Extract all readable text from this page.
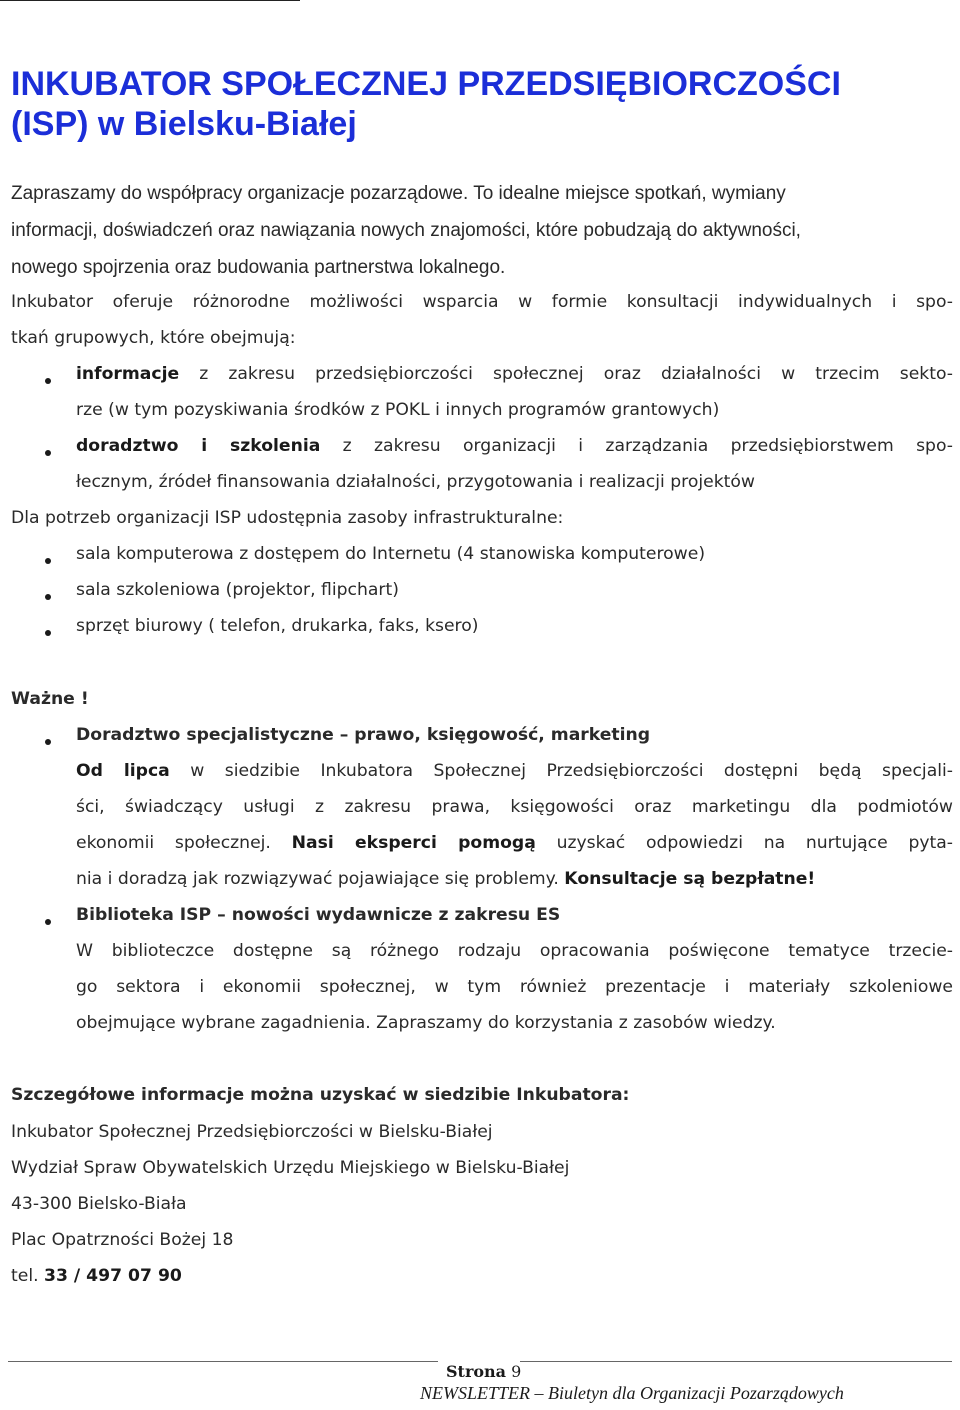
INKUBATOR SPOŁECZNEJ PRZEDSIĘBIORCZOŚCI
(ISP) w Bielsku-Białej
Zapraszamy do współpracy organizacje pozarządowe. To idealne miejsce spotkań, wymiany
informacji, doświadczeń oraz nawiązania nowych znajomości, które pobudzają do aktywności,
nowego spojrzenia oraz budowania partnerstwa lokalnego.
Inkubator oferuje różnorodne możliwości wsparcia w formie konsultacji indywidualnych i spo-
tkań grupowych, które obejmują:
informacje z zakresu przedsiębiorczości społecznej oraz działalności w trzecim sekto-
rze (w tym pozyskiwania środków z POKL i innych programów grantowych)
doradztwo i szkolenia z zakresu organizacji i zarządzania przedsiębiorstwem spo-
łecznym, źródeł finansowania działalności, przygotowania i realizacji projektów
Dla potrzeb organizacji ISP udostępnia zasoby infrastrukturalne:
sala komputerowa z dostępem do Internetu (4 stanowiska komputerowe)
sala szkoleniowa (projektor, flipchart)
sprzęt biurowy ( telefon, drukarka, faks, ksero)
Ważne !
Doradztwo specjalistyczne – prawo, księgowość, marketing
Od lipca w siedzibie Inkubatora Społecznej Przedsiębiorczości dostępni będą specjali-
ści, świadczący usługi z zakresu prawa, księgowości oraz marketingu dla podmiotów
ekonomii społecznej. Nasi eksperci pomogą uzyskać odpowiedzi na nurtujące pyta-
nia i doradzą jak rozwiązywać pojawiające się problemy. Konsultacje są bezpłatne!
Biblioteka ISP – nowości wydawnicze z zakresu ES
W biblioteczce dostępne są różnego rodzaju opracowania poświęcone tematyce trzecie-
go sektora i ekonomii społecznej, w tym również prezentacje i materiały szkoleniowe
obejmujące wybrane zagadnienia. Zapraszamy do korzystania z zasobów wiedzy.
Szczegółowe informacje można uzyskać w siedzibie Inkubatora:
Inkubator Społecznej Przedsiębiorczości w Bielsku-Białej
Wydział Spraw Obywatelskich Urzędu Miejskiego w Bielsku-Białej
43-300 Bielsko-Biała
Plac Opatrzności Bożej 18
tel. 33 / 497 07 90
Strona 9
NEWSLETTER – Biuletyn dla Organizacji Pozarządowych
